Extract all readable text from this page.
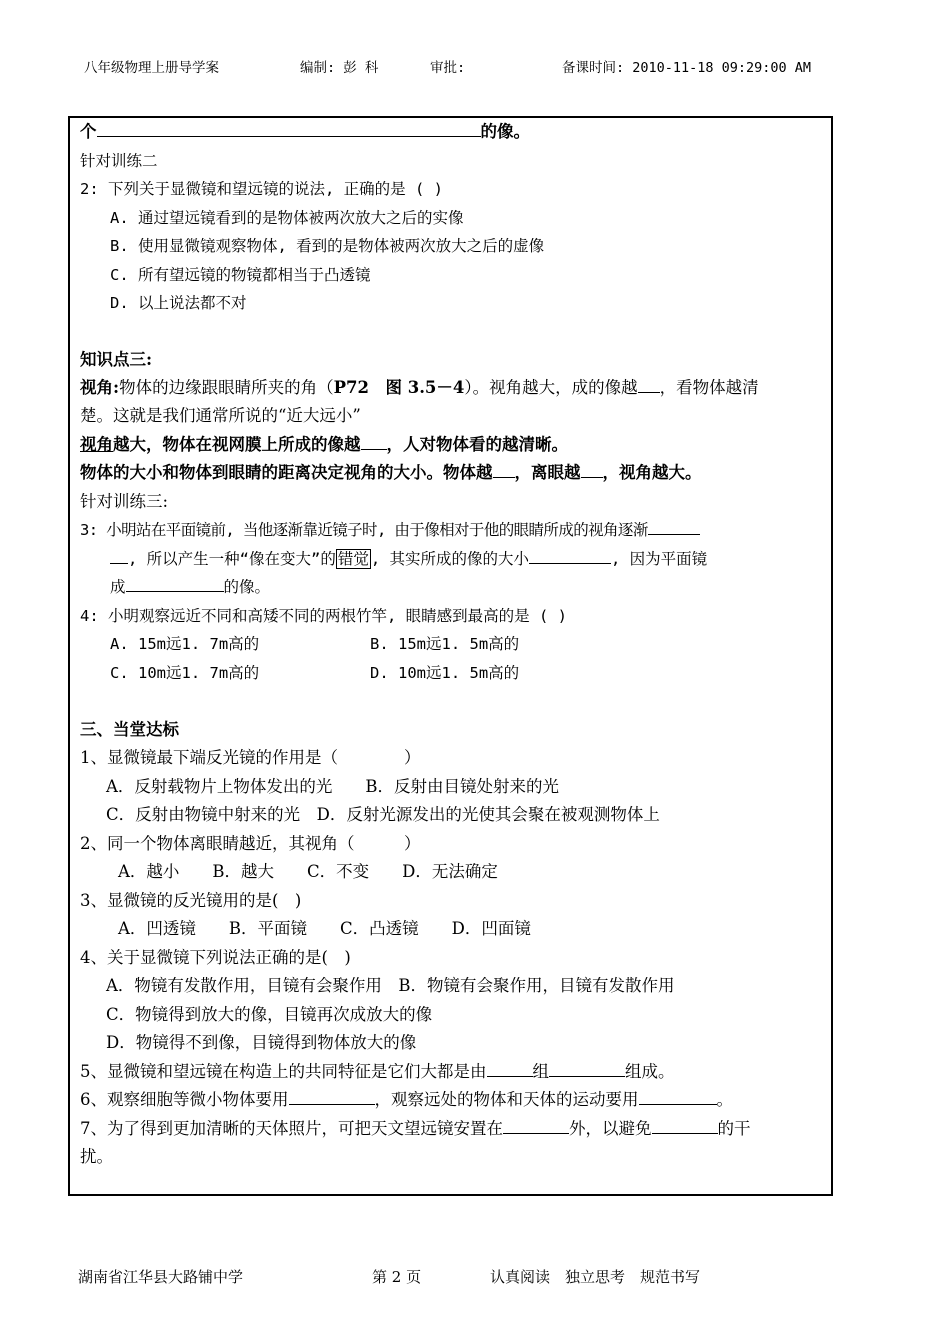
八年级物理上册导学案	编制: 彭 科	审批:	备课时间: 2010-11-18 09:29:00 AM
个	的像。
针对训练二
2: 下列关于显微镜和望远镜的说法, 正确的是 ( )
A. 通过望远镜看到的是物体被两次放大之后的实像
B. 使用显微镜观察物体, 看到的是物体被两次放大之后的虚像
C. 所有望远镜的物镜都相当于凸透镜
D. 以上说法都不对
知识点三:
视角:物体的边缘跟眼睛所夹的角（P72　图 3.5－4）。视角越大，成的像越 ，看物体越清
楚。这就是我们通常所说的“近大远小”
视角越大，物体在视网膜上所成的像越 ，人对物体看的越清晰。
物体的大小和物体到眼睛的距离决定视角的大小。物体越 ，离眼越 ，视角越大。
针对训练三:
3: 小明站在平面镜前, 当他逐渐靠近镜子时, 由于像相对于他的眼睛所成的视角逐渐
, 所以产生一种“像在变大”的 错觉 , 其实所成的像的大小	, 因为平面镜
成	的像。
4: 小明观察远近不同和高矮不同的两根竹竿, 眼睛感到最高的是 ( )
A. 15m远1. 7m高的	B. 15m远1. 5m高的
C. 10m远1. 7m高的	D. 10m远1. 5m高的
三、当堂达标
1、显微镜最下端反光镜的作用是（　　　　）
A．反射载物片上物体发出的光　　B．反射由目镜处射来的光
C．反射由物镜中射来的光　D．反射光源发出的光使其会聚在被观测物体上
2、同一个物体离眼睛越近，其视角（　　　）
A．越小　　B．越大　　C．不变　　D．无法确定
3、显微镜的反光镜用的是(　)
A．凹透镜　　B．平面镜　　C．凸透镜　　D．凹面镜
4、关于显微镜下列说法正确的是(　)
A．物镜有发散作用，目镜有会聚作用　B．物镜有会聚作用，目镜有发散作用
C．物镜得到放大的像，目镜再次成放大的像
D．物镜得不到像，目镜得到物体放大的像
5、显微镜和望远镜在构造上的共同特征是它们大都是由	组	组成。
6、观察细胞等微小物体要用	，观察远处的物体和天体的运动要用	。
7、为了得到更加清晰的天体照片，可把天文望远镜安置在	外，以避免	的干
扰。
湖南省江华县大路铺中学	第 2 页	认真阅读　独立思考　规范书写
